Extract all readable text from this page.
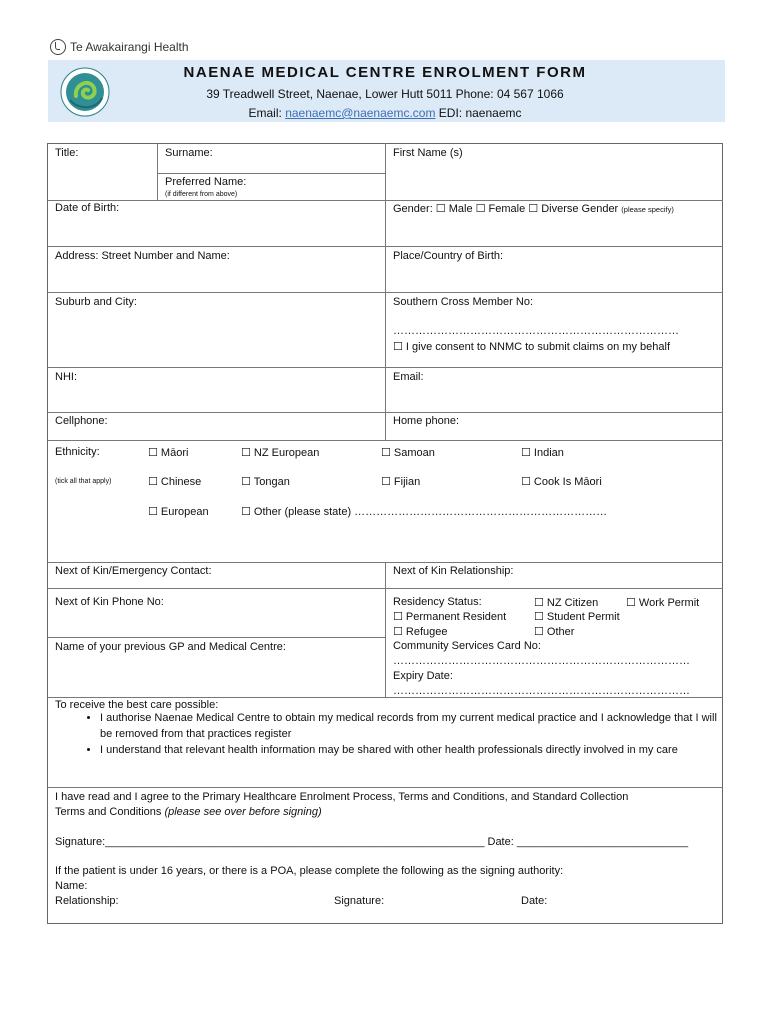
Te Awakairangi Health
NAENAE MEDICAL CENTRE ENROLMENT FORM
39 Treadwell Street, Naenae, Lower Hutt 5011 Phone: 04 567 1066
Email: naenaemc@naenaemc.com EDI: naenaemc
Title:	Surname:	First Name (s)
Preferred Name:
(if different from above)
Date of Birth:	Gender: ☐ Male ☐ Female ☐ Diverse Gender (please specify)
Address: Street Number and Name:	Place/Country of Birth:
Suburb and City:	Southern Cross Member No:
……………………………………………………………………
☐ I give consent to NNMC to submit claims on my behalf
NHI:	Email:
Cellphone:	Home phone:
Ethnicity:
(tick all that apply)
☐ Māori	☐ NZ European	☐ Samoan	☐ Indian
☐ Chinese	☐ Tongan	☐ Fijian	☐ Cook Is Māori
☐ European	☐ Other (please state) ……………………………………………………………
Next of Kin/Emergency Contact:	Next of Kin Relationship:
Next of Kin Phone No:	Residency Status:	☐ NZ Citizen	☐ Work Permit
☐ Permanent Resident	☐ Student Permit
☐ Refugee	☐ Other
Name of your previous GP and Medical Centre:	Community Services Card No:
………………………………………………………………………
Expiry Date:
………………………………………………………………………
To receive the best care possible:
• I authorise Naenae Medical Centre to obtain my medical records from my current medical practice and I acknowledge that I will be removed from that practices register
• I understand that relevant health information may be shared with other health professionals directly involved in my care
I have read and I agree to the Primary Healthcare Enrolment Process, Terms and Conditions, and Standard Collection
Terms and Conditions (please see over before signing)
Signature:______________________________________________________________ Date: ____________________________
If the patient is under 16 years, or there is a POA, please complete the following as the signing authority:
Name:
Relationship:	Signature:	Date:
